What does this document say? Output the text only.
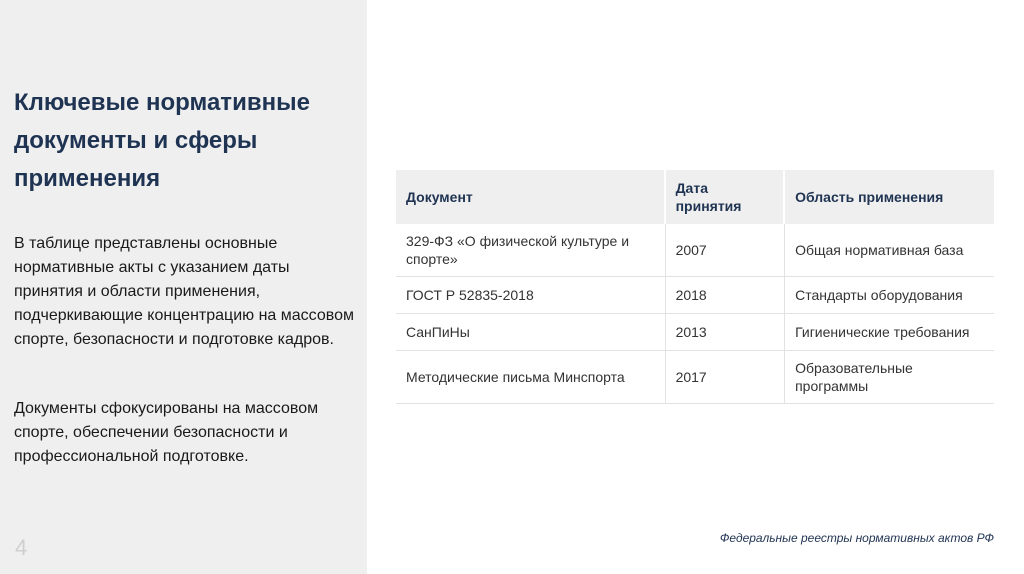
Ключевые нормативные документы и сферы применения

В таблице представлены основные нормативные акты с указанием даты принятия и области применения, подчеркивающие концентрацию на массовом спорте, безопасности и подготовке кадров.

Документы сфокусированы на массовом спорте, обеспечении безопасности и профессиональной подготовке.

4
Документ	Дата принятия	Область применения
329-ФЗ «О физической культуре и спорте»	2007	Общая нормативная база
ГОСТ Р 52835-2018	2018	Стандарты оборудования
СанПиНы	2013	Гигиенические требования
Методические письма Минспорта	2017	Образовательные программы
Федеральные реестры нормативных актов РФ
